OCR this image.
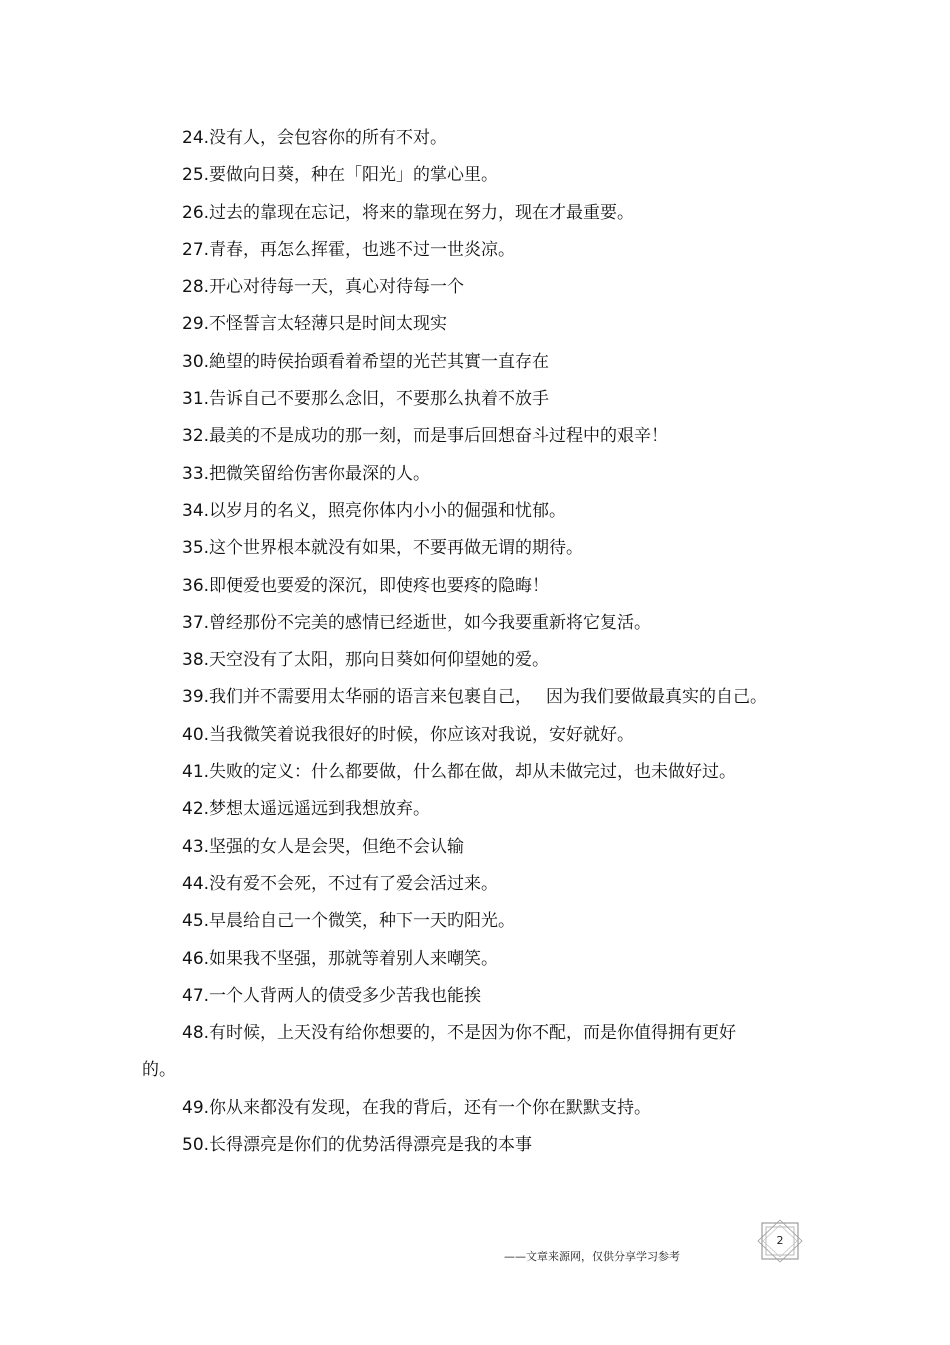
24.没有人，会包容你的所有不对。
25.要做向日葵，种在「阳光」的掌心里。
26.过去的靠现在忘记，将来的靠现在努力，现在才最重要。
27.青春，再怎么挥霍，也逃不过一世炎凉。
28.开心对待每一天，真心对待每一个
29.不怪誓言太轻薄只是时间太现实
30.絶望的時侯抬頭看着希望的光芒其實一直存在
31.告诉自己不要那么念旧，不要那么执着不放手
32.最美的不是成功的那一刻，而是事后回想奋斗过程中的艰辛！
33.把微笑留给伤害你最深的人。
34.以岁月的名义，照亮你体内小小的倔强和忧郁。
35.这个世界根本就没有如果，不要再做无谓的期待。
36.即便爱也要爱的深沉，即使疼也要疼的隐晦！
37.曾经那份不完美的感情已经逝世，如今我要重新将它复活。
38.天空没有了太阳，那向日葵如何仰望她的爱。
39.我们并不需要用太华丽的语言来包裹自己，　 因为我们要做最真实的自己。
40.当我微笑着说我很好的时候，你应该对我说，安好就好。
41.失败的定义：什么都要做，什么都在做，却从未做完过，也未做好过。
42.梦想太遥远遥远到我想放弃。
43.坚强的女人是会哭，但绝不会认输
44.没有爱不会死，不过有了爱会活过来。
45.早晨给自己一个微笑，种下一天旳阳光。
46.如果我不坚强，那就等着别人来嘲笑。
47.一个人背两人的债受多少苦我也能挨
48.有时候，上天没有给你想要的，不是因为你不配，而是你值得拥有更好
的。
49.你从来都没有发现，在我的背后，还有一个你在默默支持。
50.长得漂亮是你们的优势活得漂亮是我的本事
——文章来源网，仅供分享学习参考
2
